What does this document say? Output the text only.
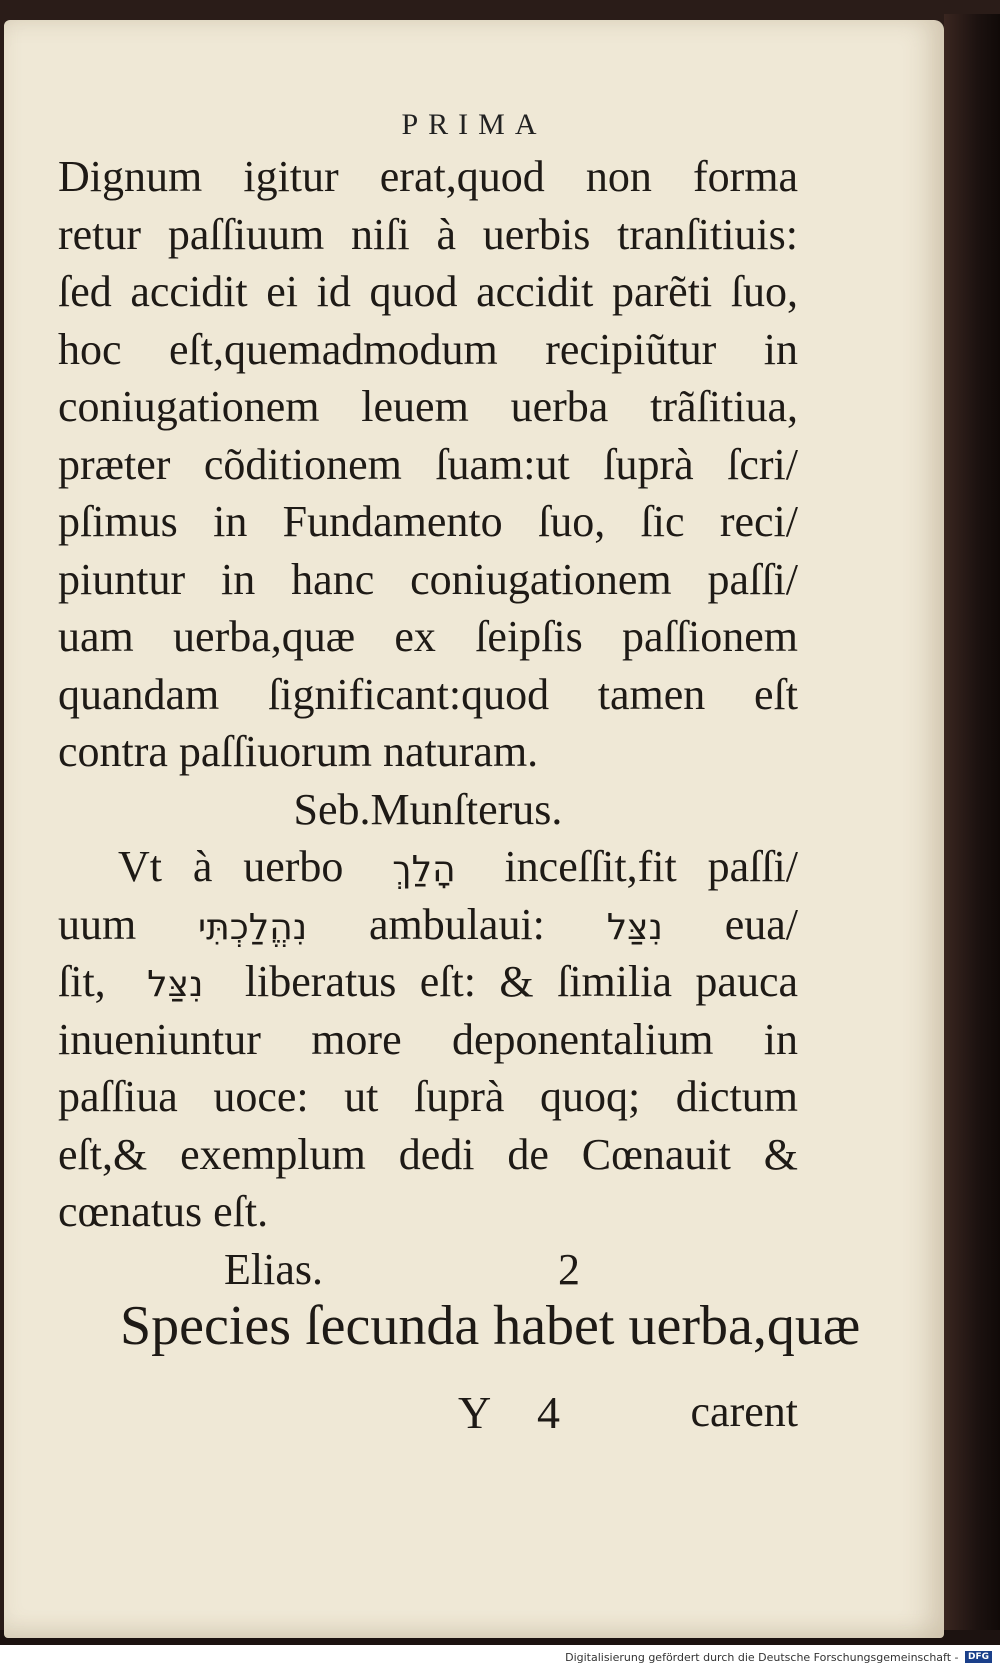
PRIMA
Dignum igitur erat,quod non forma
retur paſſiuum niſi à uerbis tranſitiuis:
ſed accidit ei id quod accidit parẽti ſuo,
hoc eſt,quemadmodum recipiũtur in
coniugationem leuem uerba trãſitiua,
præter cõditionem ſuam:ut ſuprà ſcri/
pſimus in Fundamento ſuo, ſic reci/
piuntur in hanc coniugationem paſſi/
uam uerba,quæ ex ſeipſis paſſionem
quandam ſignificant:quod tamen eſt
contra paſſiuorum naturam.
Seb.Munſterus.
Vt à uerbo הָלַךְ inceſſit,fit paſſi/
uum נִהֱלַכְתִּי ambulaui: נִצַּל eua/
ſit, נִצַּל liberatus eſt: & ſimilia pauca
inueniuntur more deponentalium in
paſſiua uoce: ut ſuprà quoq; dictum
eſt,& exemplum dedi de Cœnauit &
cœnatus eſt.
Elias.	2
Species ſecunda habet uerba,quæ
Y 4	carent
Digitalisierung gefördert durch die Deutsche Forschungsgemeinschaft - DFG
